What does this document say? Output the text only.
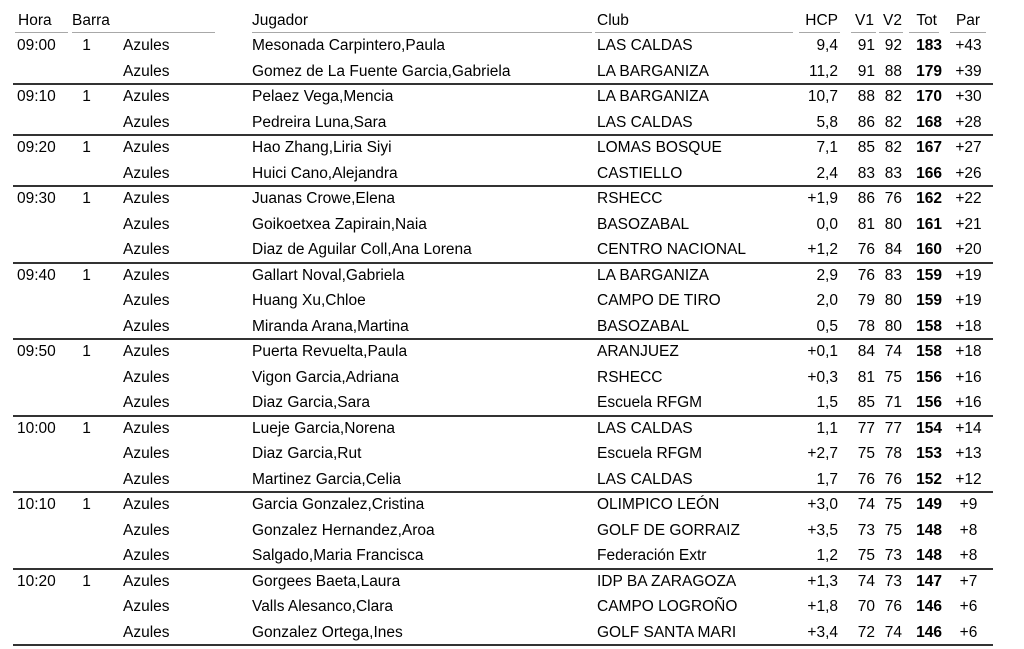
Hora	Barra		Jugador	Club	HCP	V1	V2	Tot	Par

09:00	1	Azules	Mesonada Carpintero,Paula	LAS CALDAS	9,4	91	92	183	+43
		Azules	Gomez de La Fuente Garcia,Gabriela	LA BARGANIZA	11,2	91	88	179	+39
09:10	1	Azules	Pelaez Vega,Mencia	LA BARGANIZA	10,7	88	82	170	+30
		Azules	Pedreira Luna,Sara	LAS CALDAS	5,8	86	82	168	+28
09:20	1	Azules	Hao Zhang,Liria Siyi	LOMAS BOSQUE	7,1	85	82	167	+27
		Azules	Huici Cano,Alejandra	CASTIELLO	2,4	83	83	166	+26
09:30	1	Azules	Juanas Crowe,Elena	RSHECC	+1,9	86	76	162	+22
		Azules	Goikoetxea Zapirain,Naia	BASOZABAL	0,0	81	80	161	+21
		Azules	Diaz de Aguilar Coll,Ana Lorena	CENTRO NACIONAL	+1,2	76	84	160	+20
09:40	1	Azules	Gallart Noval,Gabriela	LA BARGANIZA	2,9	76	83	159	+19
		Azules	Huang Xu,Chloe	CAMPO DE TIRO	2,0	79	80	159	+19
		Azules	Miranda Arana,Martina	BASOZABAL	0,5	78	80	158	+18
09:50	1	Azules	Puerta Revuelta,Paula	ARANJUEZ	+0,1	84	74	158	+18
		Azules	Vigon Garcia,Adriana	RSHECC	+0,3	81	75	156	+16
		Azules	Diaz Garcia,Sara	Escuela RFGM	1,5	85	71	156	+16
10:00	1	Azules	Lueje Garcia,Norena	LAS CALDAS	1,1	77	77	154	+14
		Azules	Diaz Garcia,Rut	Escuela RFGM	+2,7	75	78	153	+13
		Azules	Martinez Garcia,Celia	LAS CALDAS	1,7	76	76	152	+12
10:10	1	Azules	Garcia Gonzalez,Cristina	OLIMPICO LEÓN	+3,0	74	75	149	+9
		Azules	Gonzalez Hernandez,Aroa	GOLF DE GORRAIZ	+3,5	73	75	148	+8
		Azules	Salgado,Maria Francisca	Federación Extr	1,2	75	73	148	+8
10:20	1	Azules	Gorgees Baeta,Laura	IDP BA ZARAGOZA	+1,3	74	73	147	+7
		Azules	Valls Alesanco,Clara	CAMPO LOGROÑO	+1,8	70	76	146	+6
		Azules	Gonzalez Ortega,Ines	GOLF SANTA MARI	+3,4	72	74	146	+6
